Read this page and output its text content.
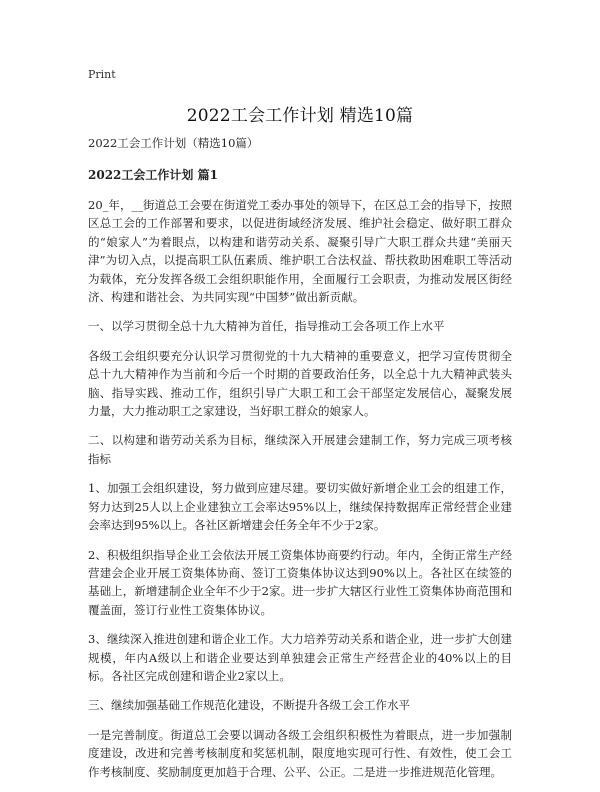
Print
2022工会工作计划 精选10篇
2022工会工作计划（精选10篇）
2022工会工作计划 篇1

20_年，__街道总工会要在街道党工委办事处的领导下，在区总工会的指导下，按照区总工会的工作部署和要求，以促进街域经济发展、维护社会稳定、做好职工群众的“娘家人”为着眼点，以构建和谐劳动关系、凝聚引导广大职工群众共建“美丽天津”为切入点，以提高职工队伍素质、维护职工合法权益、帮扶救助困难职工等活动为载体，充分发挥各级工会组织职能作用，全面履行工会职责，为推动发展区街经济、构建和谐社会、为共同实现“中国梦”做出新贡献。

一、以学习贯彻全总十九大精神为首任，指导推动工会各项工作上水平

各级工会组织要充分认识学习贯彻党的十九大精神的重要意义，把学习宣传贯彻全总十九大精神作为当前和今后一个时期的首要政治任务，以全总十九大精神武装头脑、指导实践、推动工作，组织引导广大职工和工会干部坚定发展信心，凝聚发展力量，大力推动职工之家建设，当好职工群众的娘家人。

二、以构建和谐劳动关系为目标，继续深入开展建会建制工作，努力完成三项考核指标

1、加强工会组织建设，努力做到应建尽建。要切实做好新增企业工会的组建工作，努力达到25人以上企业建独立工会率达95%以上，继续保持数据库正常经营企业建会率达到95%以上。各社区新增建会任务全年不少于2家。

2、积极组织指导企业工会依法开展工资集体协商要约行动。年内，全街正常生产经营建会企业开展工资集体协商、签订工资集体协议达到90%以上。各社区在续签的基础上，新增建制企业全年不少于2家。进一步扩大辖区行业性工资集体协商范围和覆盖面，签订行业性工资集体协议。

3、继续深入推进创建和谐企业工作。大力培养劳动关系和谐企业，进一步扩大创建规模，年内A级以上和谐企业要达到单独建会正常生产经营企业的40%以上的目标。各社区完成创建和谐企业2家以上。

三、继续加强基础工作规范化建设，不断提升各级工会工作水平

一是完善制度。街道总工会要以调动各级工会组织积极性为着眼点，进一步加强制度建设，改进和完善考核制度和奖惩机制，限度地实现可行性、有效性，使工会工作考核制度、奖励制度更加趋于合理、公平、公正。二是进一步推进规范化管理。
